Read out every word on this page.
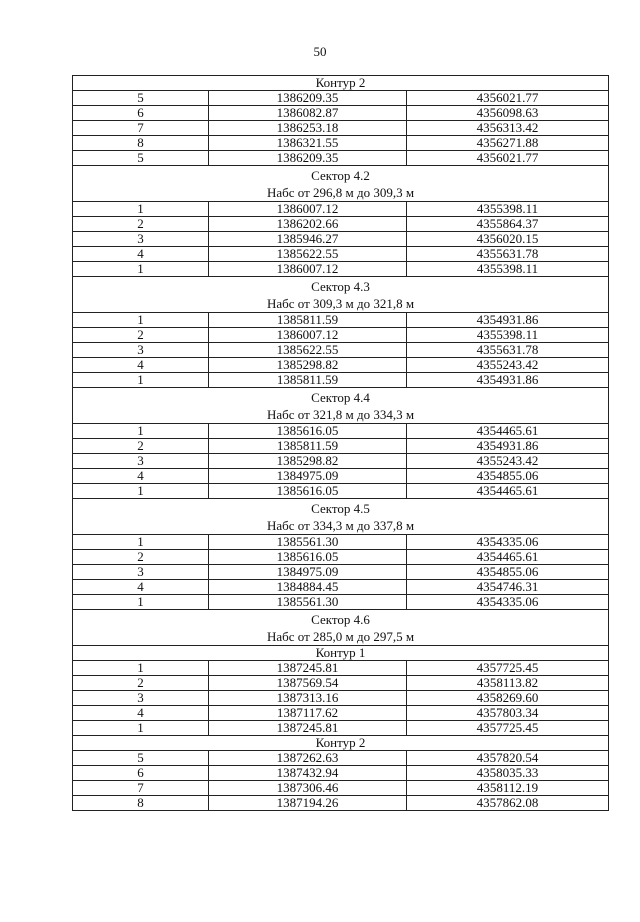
50
Контур 2		
5	1386209.35	4356021.77
6	1386082.87	4356098.63
7	1386253.18	4356313.42
8	1386321.55	4356271.88
5	1386209.35	4356021.77

Сектор 4.2
Набс от 296,8 м до 309,3 м		

1	1386007.12	4355398.11
2	1386202.66	4355864.37
3	1385946.27	4356020.15
4	1385622.55	4355631.78
1	1386007.12	4355398.11

Сектор 4.3
Набс от 309,3 м до 321,8 м		

1	1385811.59	4354931.86
2	1386007.12	4355398.11
3	1385622.55	4355631.78
4	1385298.82	4355243.42
1	1385811.59	4354931.86

Сектор 4.4
Набс от 321,8 м до 334,3 м		

1	1385616.05	4354465.61
2	1385811.59	4354931.86
3	1385298.82	4355243.42
4	1384975.09	4354855.06
1	1385616.05	4354465.61

Сектор 4.5
Набс от 334,3 м до 337,8 м		

1	1385561.30	4354335.06
2	1385616.05	4354465.61
3	1384975.09	4354855.06
4	1384884.45	4354746.31
1	1385561.30	4354335.06

Сектор 4.6
Набс от 285,0 м до 297,5 м		

Контур 1		
1	1387245.81	4357725.45
2	1387569.54	4358113.82
3	1387313.16	4358269.60
4	1387117.62	4357803.34
1	1387245.81	4357725.45
Контур 2		
5	1387262.63	4357820.54
6	1387432.94	4358035.33
7	1387306.46	4358112.19
8	1387194.26	4357862.08
